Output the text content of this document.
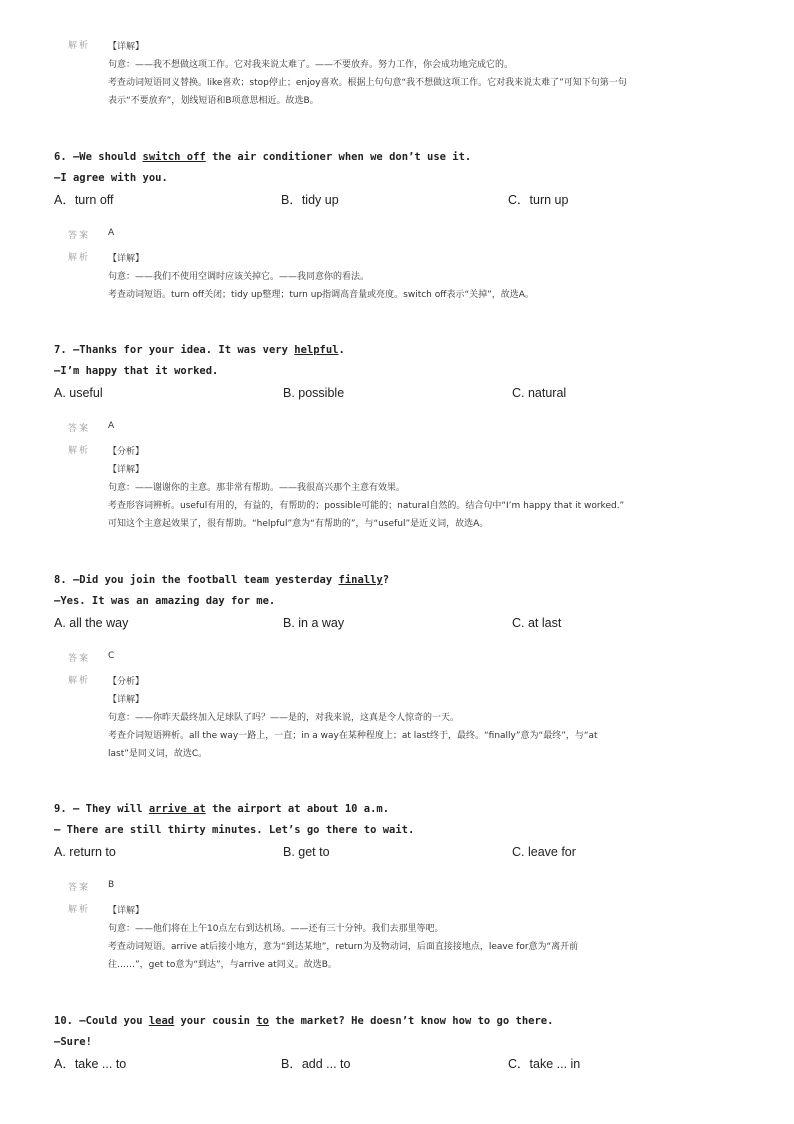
解析	【详解】
句意：——我不想做这项工作。它对我来说太难了。——不要放弃。努力工作，你会成功地完成它的。
考查动词短语同义替换。like喜欢；stop停止；enjoy喜欢。根据上句句意“我不想做这项工作。它对我来说太难了”可知下句第一句
表示“不要放弃”，划线短语和B项意思相近。故选B。
6. —We should switch off the air conditioner when we don’t use it.
—I agree with you.
A．turn off	B．tidy up	C．turn up
答案	A
解析	【详解】
句意：——我们不使用空调时应该关掉它。——我同意你的看法。
考查动词短语。turn off关闭；tidy up整理；turn up指调高音量或亮度。switch off表示“关掉”，故选A。
7. —Thanks for your idea. It was very helpful.
—I’m happy that it worked.
A. useful	B. possible	C. natural
答案	A
解析	【分析】
【详解】
句意：——谢谢你的主意。那非常有帮助。——我很高兴那个主意有效果。
考查形容词辨析。useful有用的，有益的，有帮助的；possible可能的；natural自然的。结合句中“I’m happy that it worked.”
可知这个主意起效果了，很有帮助。“helpful”意为“有帮助的”，与“useful”是近义词，故选A。
8. —Did you join the football team yesterday finally?
—Yes. It was an amazing day for me.
A. all the way	B. in a way	C. at last
答案	C
解析	【分析】
【详解】
句意：——你昨天最终加入足球队了吗？——是的，对我来说，这真是令人惊奇的一天。
考查介词短语辨析。all the way一路上，一直；in a way在某种程度上；at last终于，最终。“finally”意为“最终”，与“at
last”是同义词，故选C。
9. — They will arrive at the airport at about 10 a.m.
— There are still thirty minutes. Let’s go there to wait.
A. return to	B. get to	C. leave for
答案	B
解析	【详解】
句意：——他们将在上午10点左右到达机场。——还有三十分钟。我们去那里等吧。
考查动词短语。arrive at后接小地方，意为“到达某地”，return为及物动词，后面直接接地点，leave for意为“离开前
往……”，get to意为“到达”，与arrive at同义。故选B。
10. —Could you lead your cousin to the market? He doesn’t know how to go there.
—Sure!
A．take ... to	B．add ... to	C．take ... in
